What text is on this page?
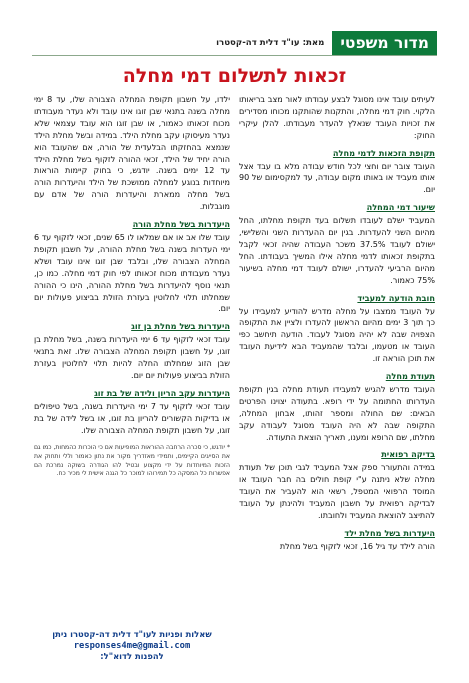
מדור משפטי
מאת: עו"ד דלית דה-קסטרו
זכאות לתשלום דמי מחלה

לעיתים עובד אינו מסוגל לבצע עבודתו לאור מצב בריאותו הלקוי. חוק דמי מחלה, והתקנות שהותקנו מכוחו מסדירים את זכויות העובד שנאלץ להעדר מעבודתו. להלן עיקרי החוק:

תקופת הזכאות לדמי מחלה

העובד צובר יום וחצי לכל חודש עבודה מלא בו עבד אצל אותו מעביד או באותו מקום עבודה, עד למקסימום של 90 יום.

שיעור דמי המחלה

המעביד ישלם לעובדו תשלום בעד תקופת מחלתו, החל מהיום השני להעדרות. בגין יום ההעדרות השני והשלישי, ישולם לעובד 37.5% משכר העבודה שהיה זכאי לקבל בתקופת זכאותו לדמי מחלה אילו המשיך בעבודתו. החל מהיום הרביעי להעדרו, ישולם לעובד דמי מחלה בשיעור 75% כאמור.

חובת הודעה למעביד

על העובד ממצבו על מחלה מדרש להודיע למעבידו על כך תוך 3 ימים מהיום הראשון להעדרו ולציין את התקופה הצפויה שבה לא יהיה מסוגל לעבוד. הודעה תיחשב כפי העובד או מטעמו, ובלבד שהמעביד הבא לידיעת העובד את תוכן הוראה זו.

תעודת מחלה

העובד מדרש להגיש למעבידו תעודת מחלה בגין תקופת העדרותו החתומה על ידי רופא. בתעודה יצוינו הפרטים הבאים: שם החולה ומספר זהותו, אבחון המחלה, התקופה שבה לא היה העובד מסוגל לעבודה עקב מחלתו, שם הרופא ומענו, תאריך הוצאת התעודה.

בדיקה רפואית

במידה והתעורר ספק אצל המעביד לגבי תוכן של תעודת מחלה שלא ניתנה ע"י קופת חולים בה חבר העובד או המוסד הרפואי המטפל, רשאי הוא להעביר את העובד לבדיקה רפואית על חשבון המעביד ולהינתן על העובד להתיצב להוצאת המעביד ולחובתו.

היעדרות בשל מחלת ילד

הורה לילד עד גיל 16, זכאי לזקוף בשל מחלת

ילדו, על חשבון תקופת המחלה הצבורה שלו, עד 8 ימי מחלה בשנה בתנאי שבן זוגו אינו עובד ולא נעדר מעבודתו מכוח זכאותו כאמור, או שבן זוגו הוא עובד עצמאי שלא נעדר מעיסוקו עקב מחלת הילד. במידה ובשל מחלת הילד שנמצא בהחזקתו הבלעדית של הורה, אם שהעובד הוא הורה יחיד של הילד, זכאי ההורה לזקוף בשל מחלת הילד עד 12 ימים בשנה. יודגש, כי בחוק קיימות הוראות מיוחדות בנוגע למחלה ממושכת של הילד והיעדרות הורה בשל מחלה ממארת והיעדרות הורה של אדם עם מוגבלות.

היעדרות בשל מחלת הורה

עובד שלו אב או אם שמלאו לו 65 שנים, זכאי לזקוף עד 6 ימי העדרות בשנה בשל מחלת ההורה, על חשבון תקופת המחלה הצבורה שלו, ובלבד שבן זוגו אינו עובד ושלא נעדר מעבודתו מכוח זכאותו לפי חוק דמי מחלה. כמו כן, תנאי נוסף להיעדרות בשל מחלת ההורה, הינו כי ההורה שמחלתו תלוי לחלוטין בעזרת הזולת בביצוע פעולות יום יום.

היעדרות בשל מחלת בן זוג

עובד זכאי לזקוף עד 6 ימי היעדרות בשנה, בשל מחלת בן זוגו, על חשבון תקופת המחלה הצבורה שלו. זאת בתנאי שבן הזוג שמחלתו החלה להיות תלוי לחלוטין בעזרת הזולת בביצוע פעולות יום יום.

היעדרות עקב הריון ולידה של בת זוג

עובד זכאי לזקוף עד 7 ימי היעדרות בשנה, בשל טיפולים או בדיקות הקשורים להריון בת זוגו, או בשל לידה של בת זוגו, על חשבון תקופת המחלה הצבורה שלו.

* יודגש, כי סכרה הרחבה ההוראות המופיעות אם כי הוכרות כהמחות, כמו גם את הסייגים הקיימים, ותמידי מאזדריך מקור את נתון כאמור וללי ותחוק את הזכות המיוחדות על ידי מקצוע ובטיל להו הגודרה בשוקה נמרכת הם אפשרות כל המסקה כל תמירוהו למוכר כל הגנה אישית לי מכיר כח.

שאלות ופניות לעו"ד דלית דה-קסטרו ניתן
responses4me@gmail.com
להפנות לדוא"ל:
